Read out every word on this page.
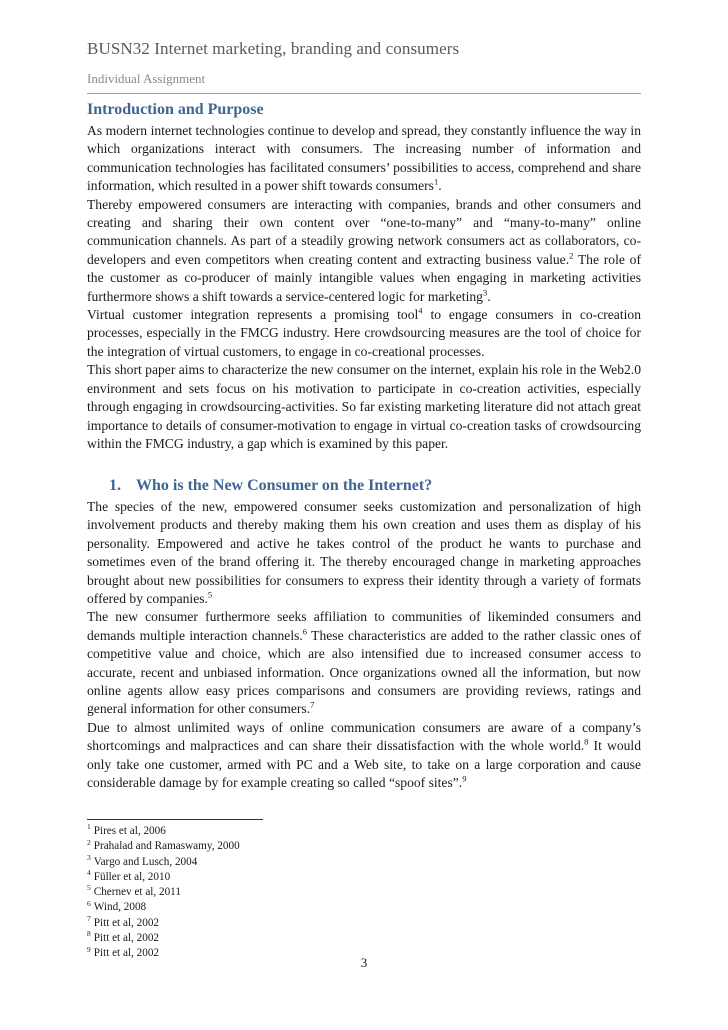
BUSN32 Internet marketing, branding and consumers
Individual Assignment
Introduction and Purpose

As modern internet technologies continue to develop and spread, they constantly influence the way in which organizations interact with consumers. The increasing number of information and communication technologies has facilitated consumers’ possibilities to access, comprehend and share information, which resulted in a power shift towards consumers$^1$.

Thereby empowered consumers are interacting with companies, brands and other consumers and creating and sharing their own content over “one-to-many” and “many-to-many” online communication channels. As part of a steadily growing network consumers act as collaborators, co-developers and even competitors when creating content and extracting business value.$^2$ The role of the customer as co-producer of mainly intangible values when engaging in marketing activities furthermore shows a shift towards a service-centered logic for marketing$^3$.

Virtual customer integration represents a promising tool$^4$ to engage consumers in co-creation processes, especially in the FMCG industry. Here crowdsourcing measures are the tool of choice for the integration of virtual customers, to engage in co-creational processes.

This short paper aims to characterize the new consumer on the internet, explain his role in the Web2.0 environment and sets focus on his motivation to participate in co-creation activities, especially through engaging in crowdsourcing-activities. So far existing marketing literature did not attach great importance to details of consumer-motivation to engage in virtual co-creation tasks of crowdsourcing within the FMCG industry, a gap which is examined by this paper.

1. Who is the New Consumer on the Internet?

The species of the new, empowered consumer seeks customization and personalization of high involvement products and thereby making them his own creation and uses them as display of his personality. Empowered and active he takes control of the product he wants to purchase and sometimes even of the brand offering it. The thereby encouraged change in marketing approaches brought about new possibilities for consumers to express their identity through a variety of formats offered by companies.$^5$

The new consumer furthermore seeks affiliation to communities of likeminded consumers and demands multiple interaction channels.$^6$ These characteristics are added to the rather classic ones of competitive value and choice, which are also intensified due to increased consumer access to accurate, recent and unbiased information. Once organizations owned all the information, but now online agents allow easy prices comparisons and consumers are providing reviews, ratings and general information for other consumers.$^7$

Due to almost unlimited ways of online communication consumers are aware of a company’s shortcomings and malpractices and can share their dissatisfaction with the whole world.$^8$ It would only take one customer, armed with PC and a Web site, to take on a large corporation and cause considerable damage by for example creating so called “spoof sites”.$^9$

$^1$ Pires et al, 2006
$^2$ Prahalad and Ramaswamy, 2000
$^3$ Vargo and Lusch, 2004
$^4$ Füller et al, 2010
$^5$ Chernev et al, 2011
$^6$ Wind, 2008
$^7$ Pitt et al, 2002
$^8$ Pitt et al, 2002
$^9$ Pitt et al, 2002
3
